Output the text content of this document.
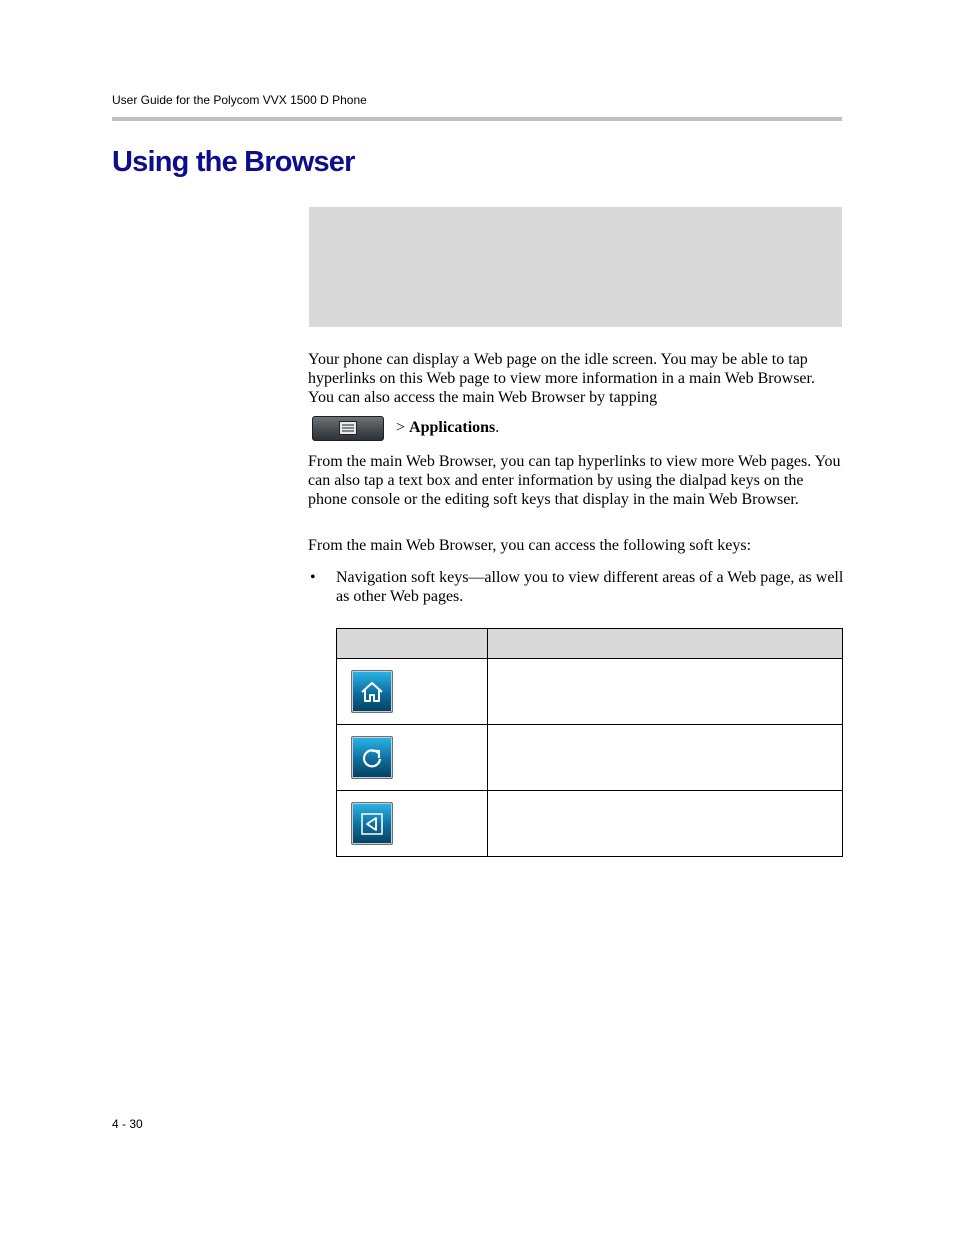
User Guide for the Polycom VVX 1500 D Phone
Using the Browser

Your phone can display a Web page on the idle screen. You may be able to tap hyperlinks on this Web page to view more information in a main Web Browser. You can also access the main Web Browser by tapping

> Applications .

From the main Web Browser, you can tap hyperlinks to view more Web pages. You can also tap a text box and enter information by using the dialpad keys on the phone console or the editing soft keys that display in the main Web Browser.

From the main Web Browser, you can access the following soft keys:

• Navigation soft keys—allow you to view different areas of a Web page, as well as other Web pages.

4 - 30
